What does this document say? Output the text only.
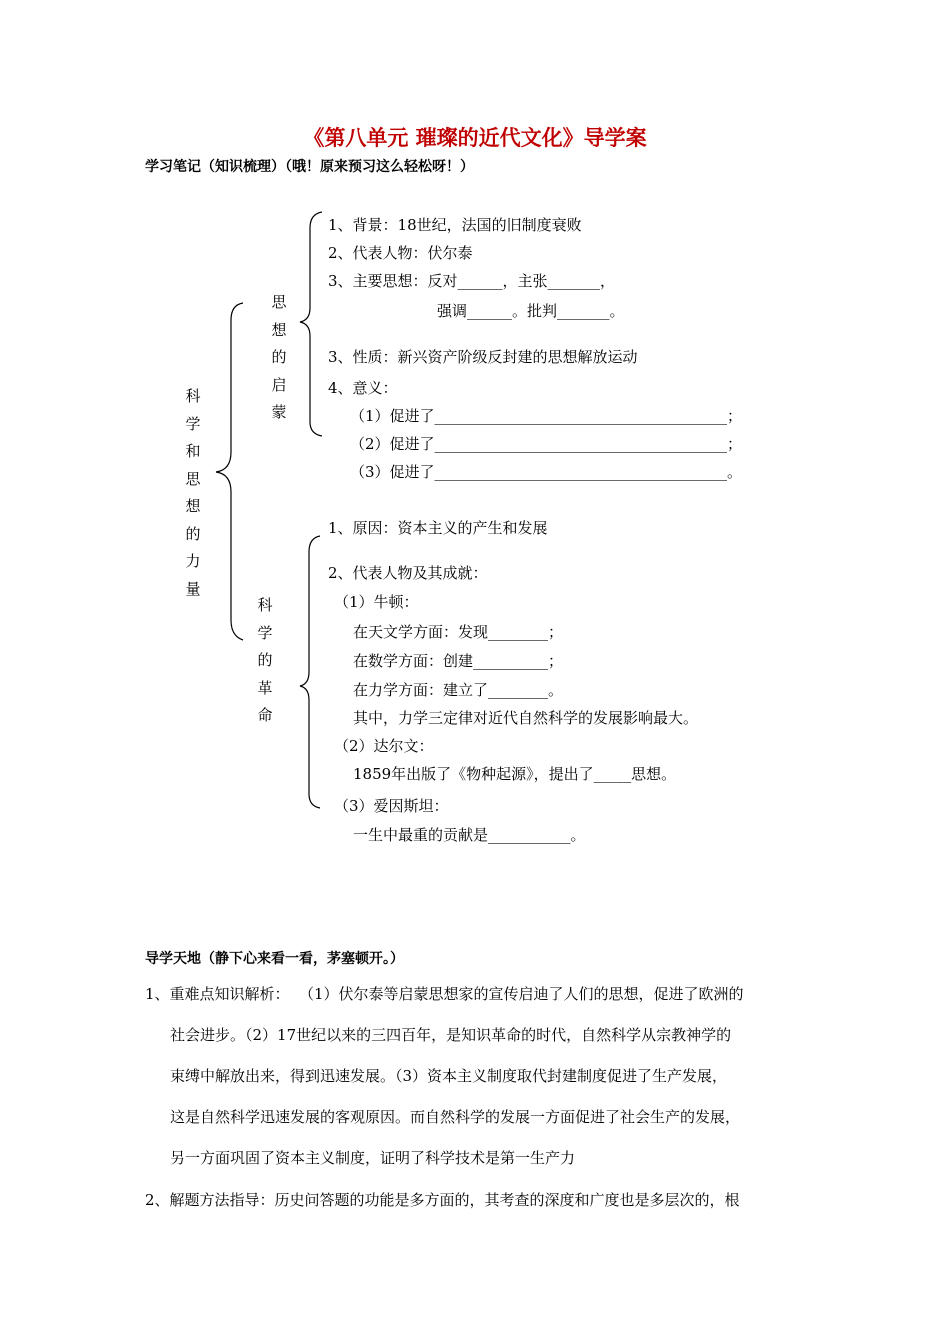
《第八单元 璀璨的近代文化》导学案
学习笔记（知识梳理）（哦！原来预习这么轻松呀！）
科学和思想的力量
思想的启蒙
科学的革命
1、背景：18世纪，法国的旧制度衰败
2、代表人物：伏尔泰
3、主要思想：反对______，主张_______，
强调______。批判_______。
3、性质：新兴资产阶级反封建的思想解放运动
4、意义：
（1）促进了_______________________________________；
（2）促进了_______________________________________；
（3）促进了_______________________________________。
1、原因：资本主义的产生和发展
2、代表人物及其成就：
（1）牛顿：
在天文学方面：发现________；
在数学方面：创建__________；
在力学方面：建立了________。
其中，力学三定律对近代自然科学的发展影响最大。
（2）达尔文：
1859年出版了《物种起源》，提出了_____思想。
（3）爱因斯坦：
一生中最重的贡献是___________。
导学天地（静下心来看一看，茅塞顿开。）
1、重难点知识解析： （1）伏尔泰等启蒙思想家的宣传启迪了人们的思想，促进了欧洲的
社会进步。（2）17世纪以来的三四百年，是知识革命的时代，自然科学从宗教神学的
束缚中解放出来，得到迅速发展。（3）资本主义制度取代封建制度促进了生产发展，
这是自然科学迅速发展的客观原因。而自然科学的发展一方面促进了社会生产的发展，
另一方面巩固了资本主义制度，证明了科学技术是第一生产力
2、解题方法指导：历史问答题的功能是多方面的，其考查的深度和广度也是多层次的，根
